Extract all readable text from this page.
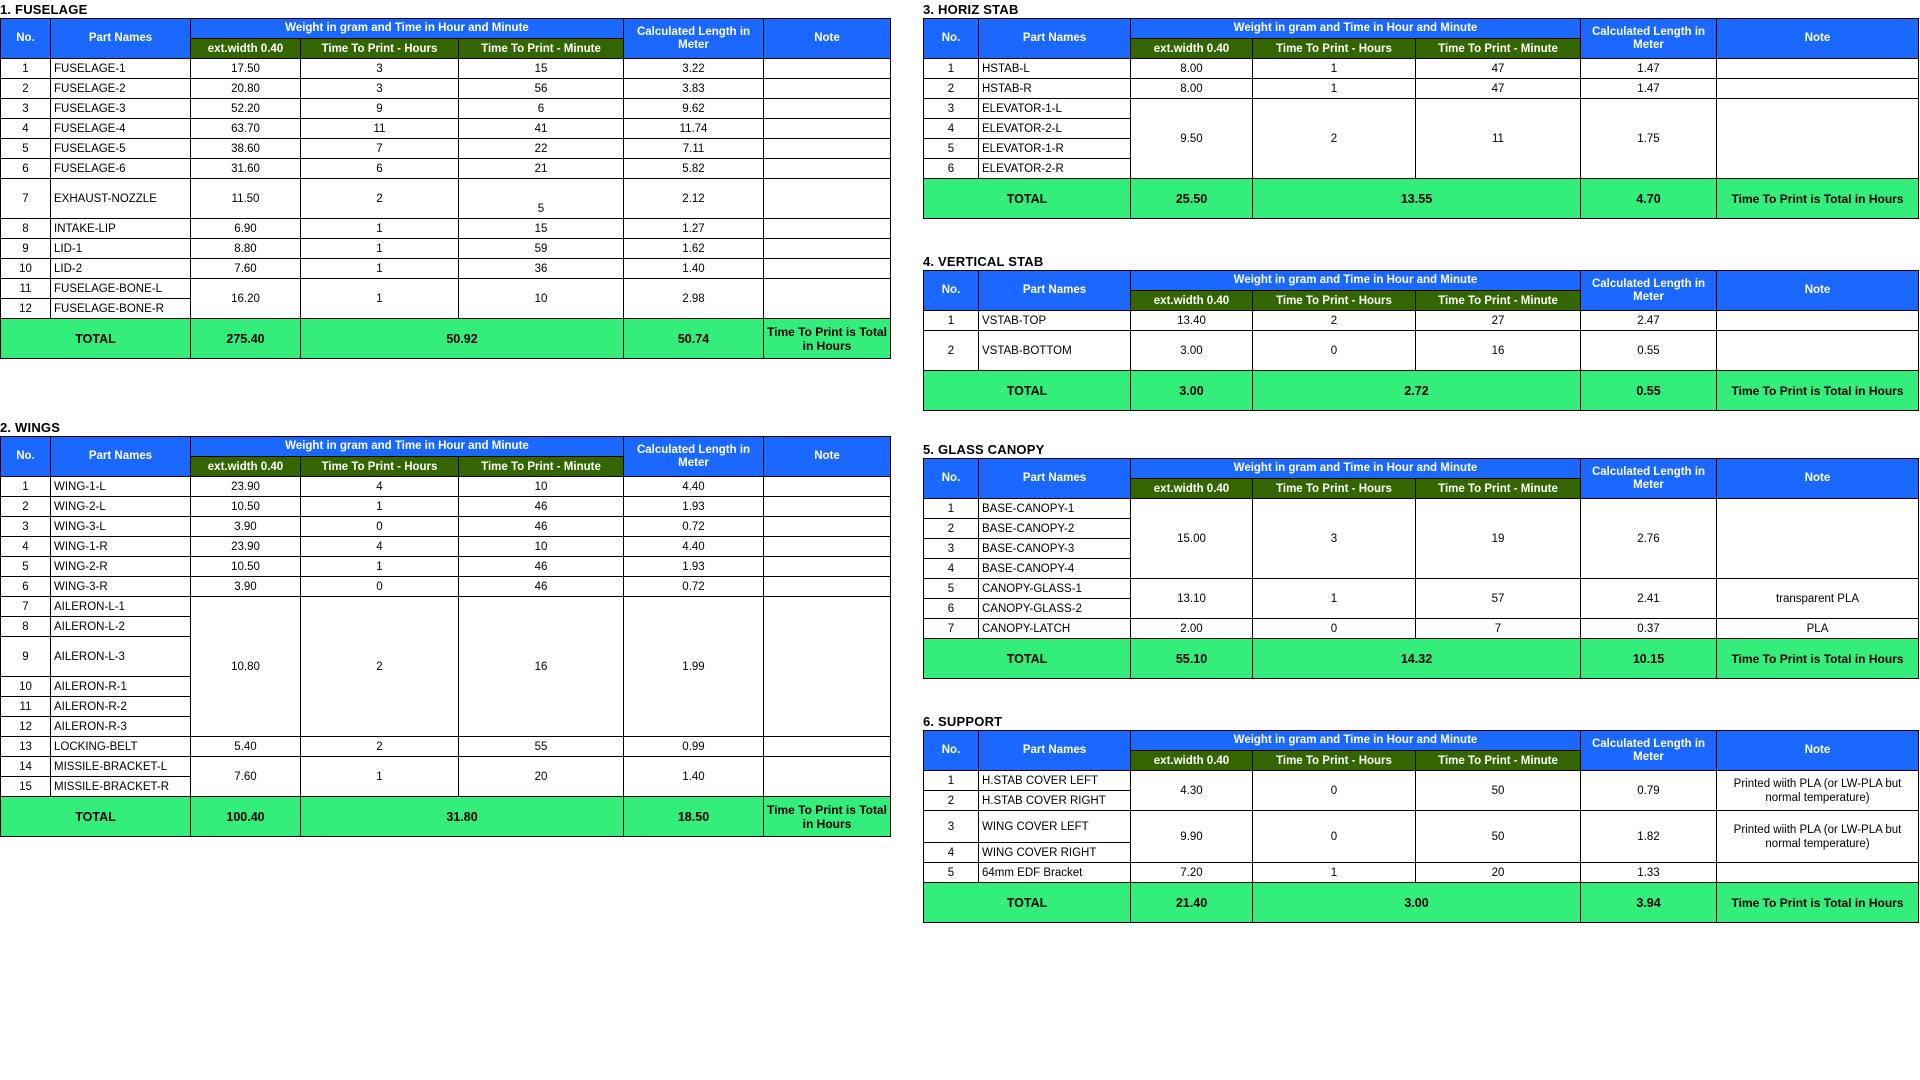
1. FUSELAGE
No.	Part Names	Weight in gram and Time in Hour and Minute			Calculated Length in Meter	Note
		ext.width 0.40	Time To Print - Hours	Time To Print - Minute		
1	FUSELAGE-1	17.50	3	15	3.22	
2	FUSELAGE-2	20.80	3	56	3.83	
3	FUSELAGE-3	52.20	9	6	9.62	
4	FUSELAGE-4	63.70	11	41	11.74	
5	FUSELAGE-5	38.60	7	22	7.11	
6	FUSELAGE-6	31.60	6	21	5.82	
7	EXHAUST-NOZZLE	11.50	2	5	2.12	
8	INTAKE-LIP	6.90	1	15	1.27	
9	LID-1	8.80	1	59	1.62	
10	LID-2	7.60	1	36	1.40	
11	FUSELAGE-BONE-L	16.20	1	10	2.98	
12	FUSELAGE-BONE-R					
TOTAL		275.40	50.92		50.74	Time To Print is Total in Hours
2. WINGS
No.	Part Names	Weight in gram and Time in Hour and Minute			Calculated Length in Meter	Note
		ext.width 0.40	Time To Print - Hours	Time To Print - Minute		
1	WING-1-L	23.90	4	10	4.40	
2	WING-2-L	10.50	1	46	1.93	
3	WING-3-L	3.90	0	46	0.72	
4	WING-1-R	23.90	4	10	4.40	
5	WING-2-R	10.50	1	46	1.93	
6	WING-3-R	3.90	0	46	0.72	
7	AILERON-L-1	10.80	2	16	1.99	
8	AILERON-L-2					
9	AILERON-L-3					
10	AILERON-R-1					
11	AILERON-R-2					
12	AILERON-R-3					
13	LOCKING-BELT	5.40	2	55	0.99	
14	MISSILE-BRACKET-L	7.60	1	20	1.40	
15	MISSILE-BRACKET-R					
TOTAL		100.40	31.80		18.50	Time To Print is Total in Hours
3. HORIZ STAB
No.	Part Names	Weight in gram and Time in Hour and Minute			Calculated Length in Meter	Note
		ext.width 0.40	Time To Print - Hours	Time To Print - Minute		
1	HSTAB-L	8.00	1	47	1.47	
2	HSTAB-R	8.00	1	47	1.47	
3	ELEVATOR-1-L	9.50	2	11	1.75	
4	ELEVATOR-2-L					
5	ELEVATOR-1-R					
6	ELEVATOR-2-R					
TOTAL		25.50	13.55		4.70	Time To Print is Total in Hours
4. VERTICAL STAB
No.	Part Names	Weight in gram and Time in Hour and Minute			Calculated Length in Meter	Note
		ext.width 0.40	Time To Print - Hours	Time To Print - Minute		
1	VSTAB-TOP	13.40	2	27	2.47	
2	VSTAB-BOTTOM	3.00	0	16	0.55	
TOTAL		3.00	2.72		0.55	Time To Print is Total in Hours
5. GLASS CANOPY
No.	Part Names	Weight in gram and Time in Hour and Minute			Calculated Length in Meter	Note
		ext.width 0.40	Time To Print - Hours	Time To Print - Minute		
1	BASE-CANOPY-1	15.00	3	19	2.76	
2	BASE-CANOPY-2					
3	BASE-CANOPY-3					
4	BASE-CANOPY-4					
5	CANOPY-GLASS-1	13.10	1	57	2.41	transparent PLA
6	CANOPY-GLASS-2					
7	CANOPY-LATCH	2.00	0	7	0.37	PLA
TOTAL		55.10	14.32		10.15	Time To Print is Total in Hours
6. SUPPORT
No.	Part Names	Weight in gram and Time in Hour and Minute			Calculated Length in Meter	Note
		ext.width 0.40	Time To Print - Hours	Time To Print - Minute		
1	H.STAB COVER LEFT	4.30	0	50	0.79	Printed wiith PLA (or LW-PLA but normal temperature)
2	H.STAB COVER RIGHT					
3	WING COVER LEFT	9.90	0	50	1.82	Printed wiith PLA (or LW-PLA but normal temperature)
4	WING COVER RIGHT					
5	64mm EDF Bracket	7.20	1	20	1.33	
TOTAL		21.40	3.00		3.94	Time To Print is Total in Hours
